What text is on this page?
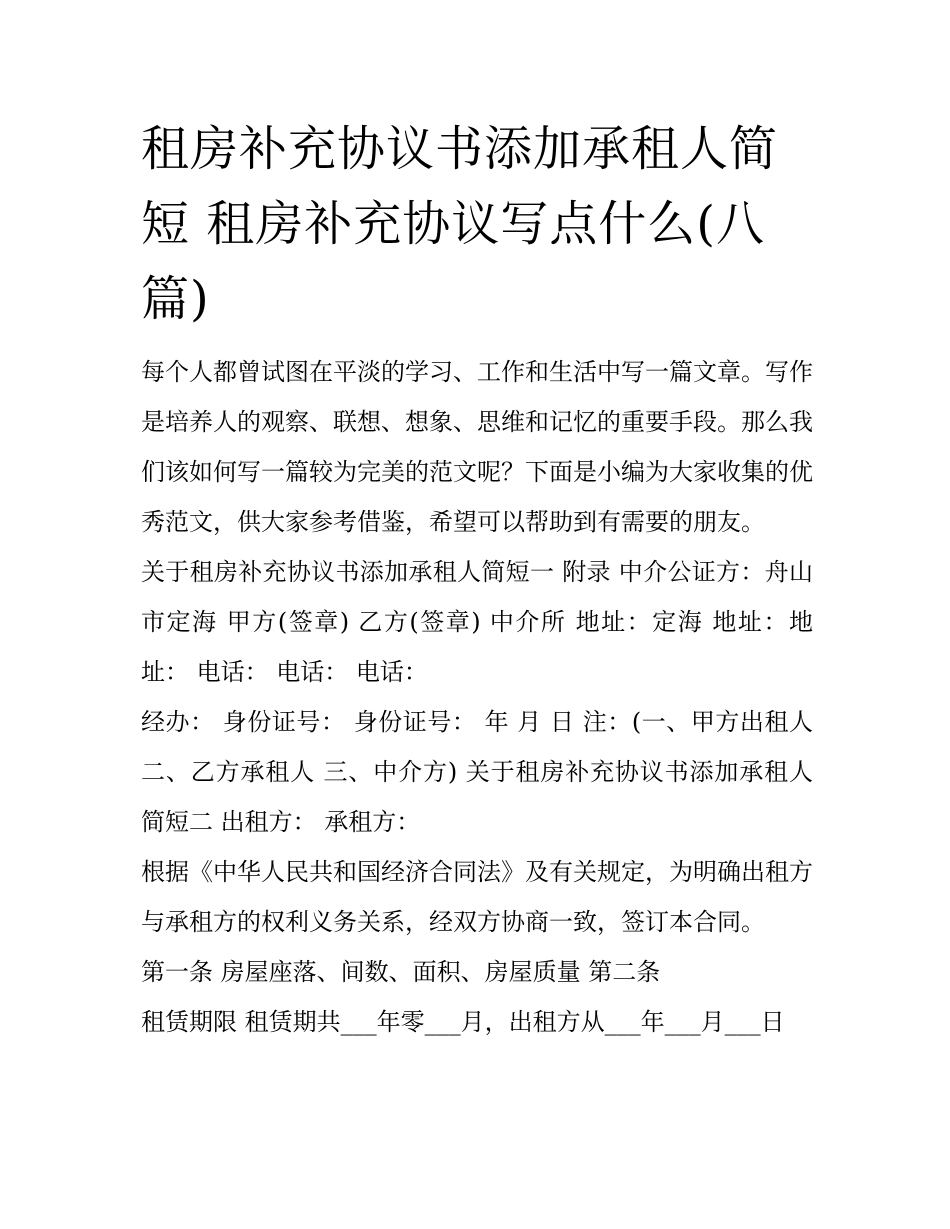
租房补充协议书添加承租人简短 租房补充协议写点什么(八篇)

每个人都曾试图在平淡的学习、工作和生活中写一篇文章。写作是培养人的观察、联想、想象、思维和记忆的重要手段。那么我们该如何写一篇较为完美的范文呢？下面是小编为大家收集的优秀范文，供大家参考借鉴，希望可以帮助到有需要的朋友。

关于租房补充协议书添加承租人简短一 附录 中介公证方：舟山市定海 甲方(签章) 乙方(签章) 中介所 地址：定海 地址：地址： 电话： 电话： 电话：

经办： 身份证号： 身份证号： 年 月 日 注：(一、甲方出租人 二、乙方承租人 三、中介方) 关于租房补充协议书添加承租人简短二 出租方： 承租方：

根据《中华人民共和国经济合同法》及有关规定，为明确出租方与承租方的权利义务关系，经双方协商一致，签订本合同。

第一条 房屋座落、间数、面积、房屋质量 第二条

租赁期限 租赁期共___年零___月，出租方从___年___月___日
